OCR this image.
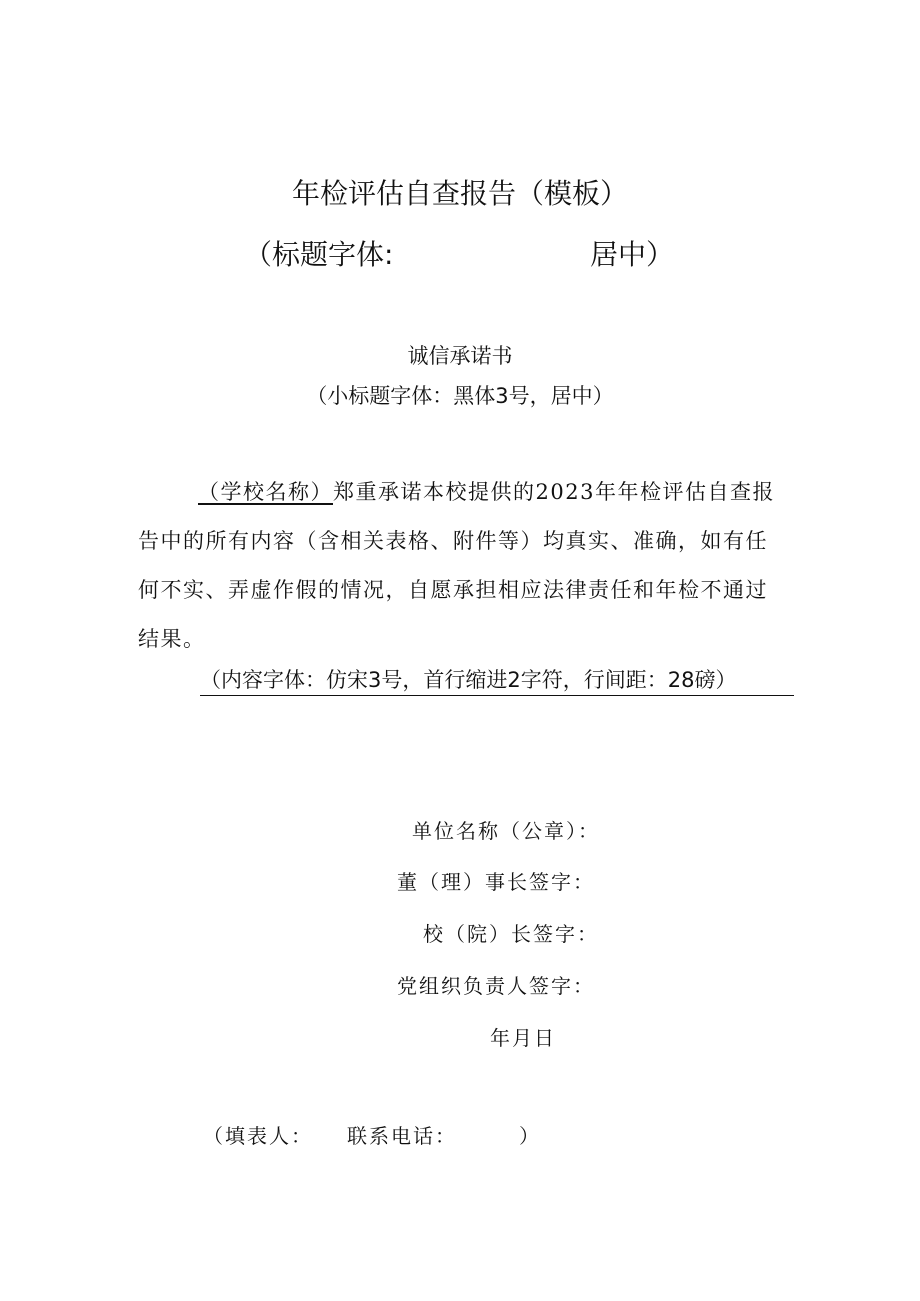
年检评估自查报告（模板）
（标题字体:	居中）
诚信承诺书
（小标题字体：黑体3号，居中）
（学校名称）郑重承诺本校提供的2023年年检评估自查报
告中的所有内容（含相关表格、附件等）均真实、准确，如有任
何不实、弄虚作假的情况，自愿承担相应法律责任和年检不通过
结果。
（内容字体：仿宋3号，首行缩进2字符，行间距：28磅）
单位名称（公章）：
董（理）事长签字：
校（院）长签字：
党组织负责人签字：
年月日
（填表人： 联系电话：	）
